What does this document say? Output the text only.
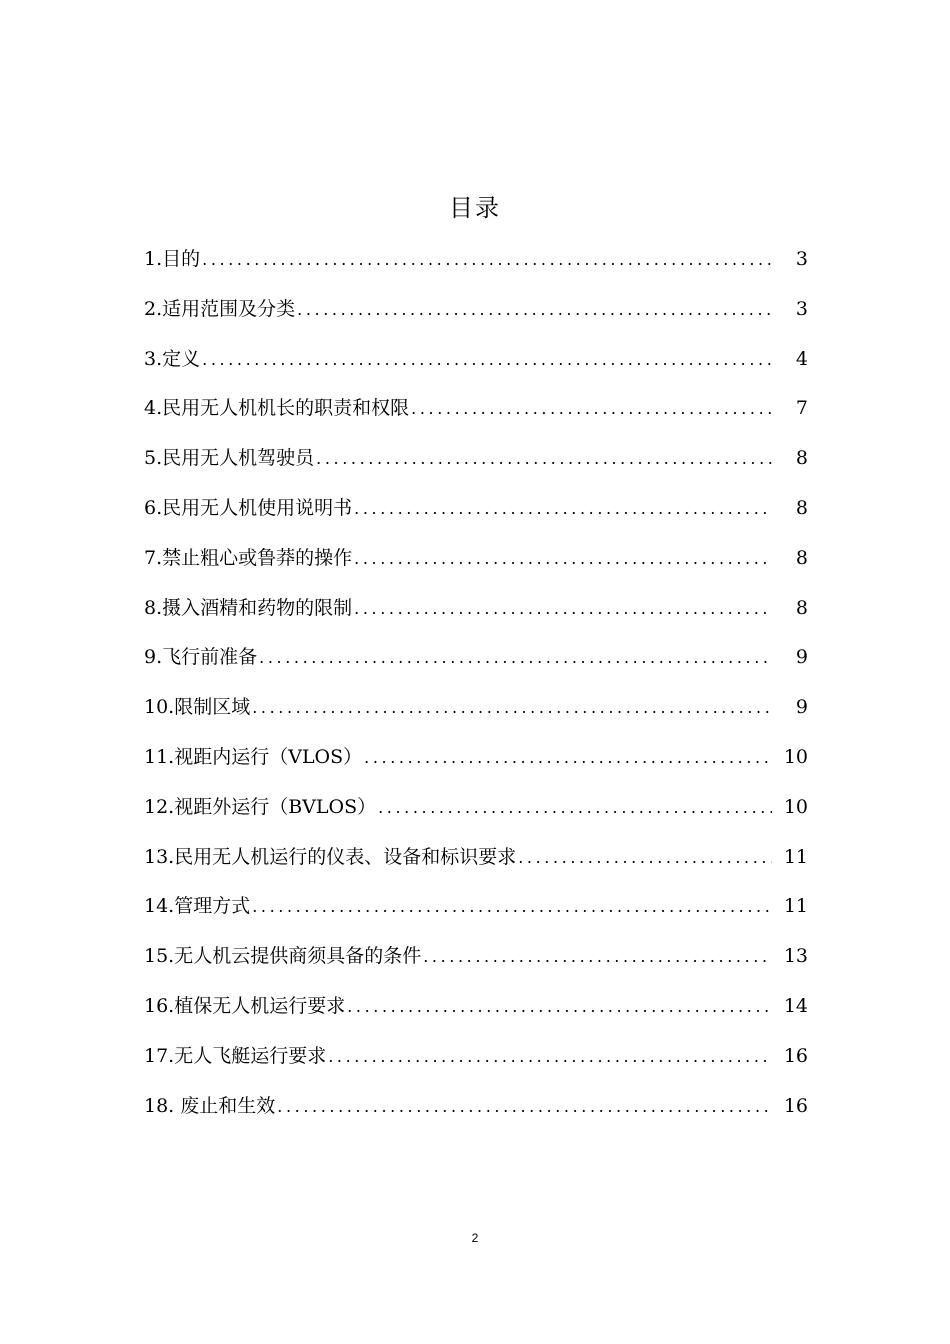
目录
1.目的 .....	3
2.适用范围及分类 .....	3
3.定义 .....	4
4.民用无人机机长的职责和权限 .....	7
5.民用无人机驾驶员 .....	8
6.民用无人机使用说明书 .....	8
7.禁止粗心或鲁莽的操作 .....	8
8.摄入酒精和药物的限制 .....	8
9.飞行前准备 .....	9
10.限制区域 .....	9
11.视距内运行（VLOS） .....	10
12.视距外运行（BVLOS） .....	10
13.民用无人机运行的仪表、设备和标识要求 .....	11
14.管理方式 .....	11
15.无人机云提供商须具备的条件 .....	13
16.植保无人机运行要求 .....	14
17.无人飞艇运行要求 .....	16
18. 废止和生效 .....	16
2
